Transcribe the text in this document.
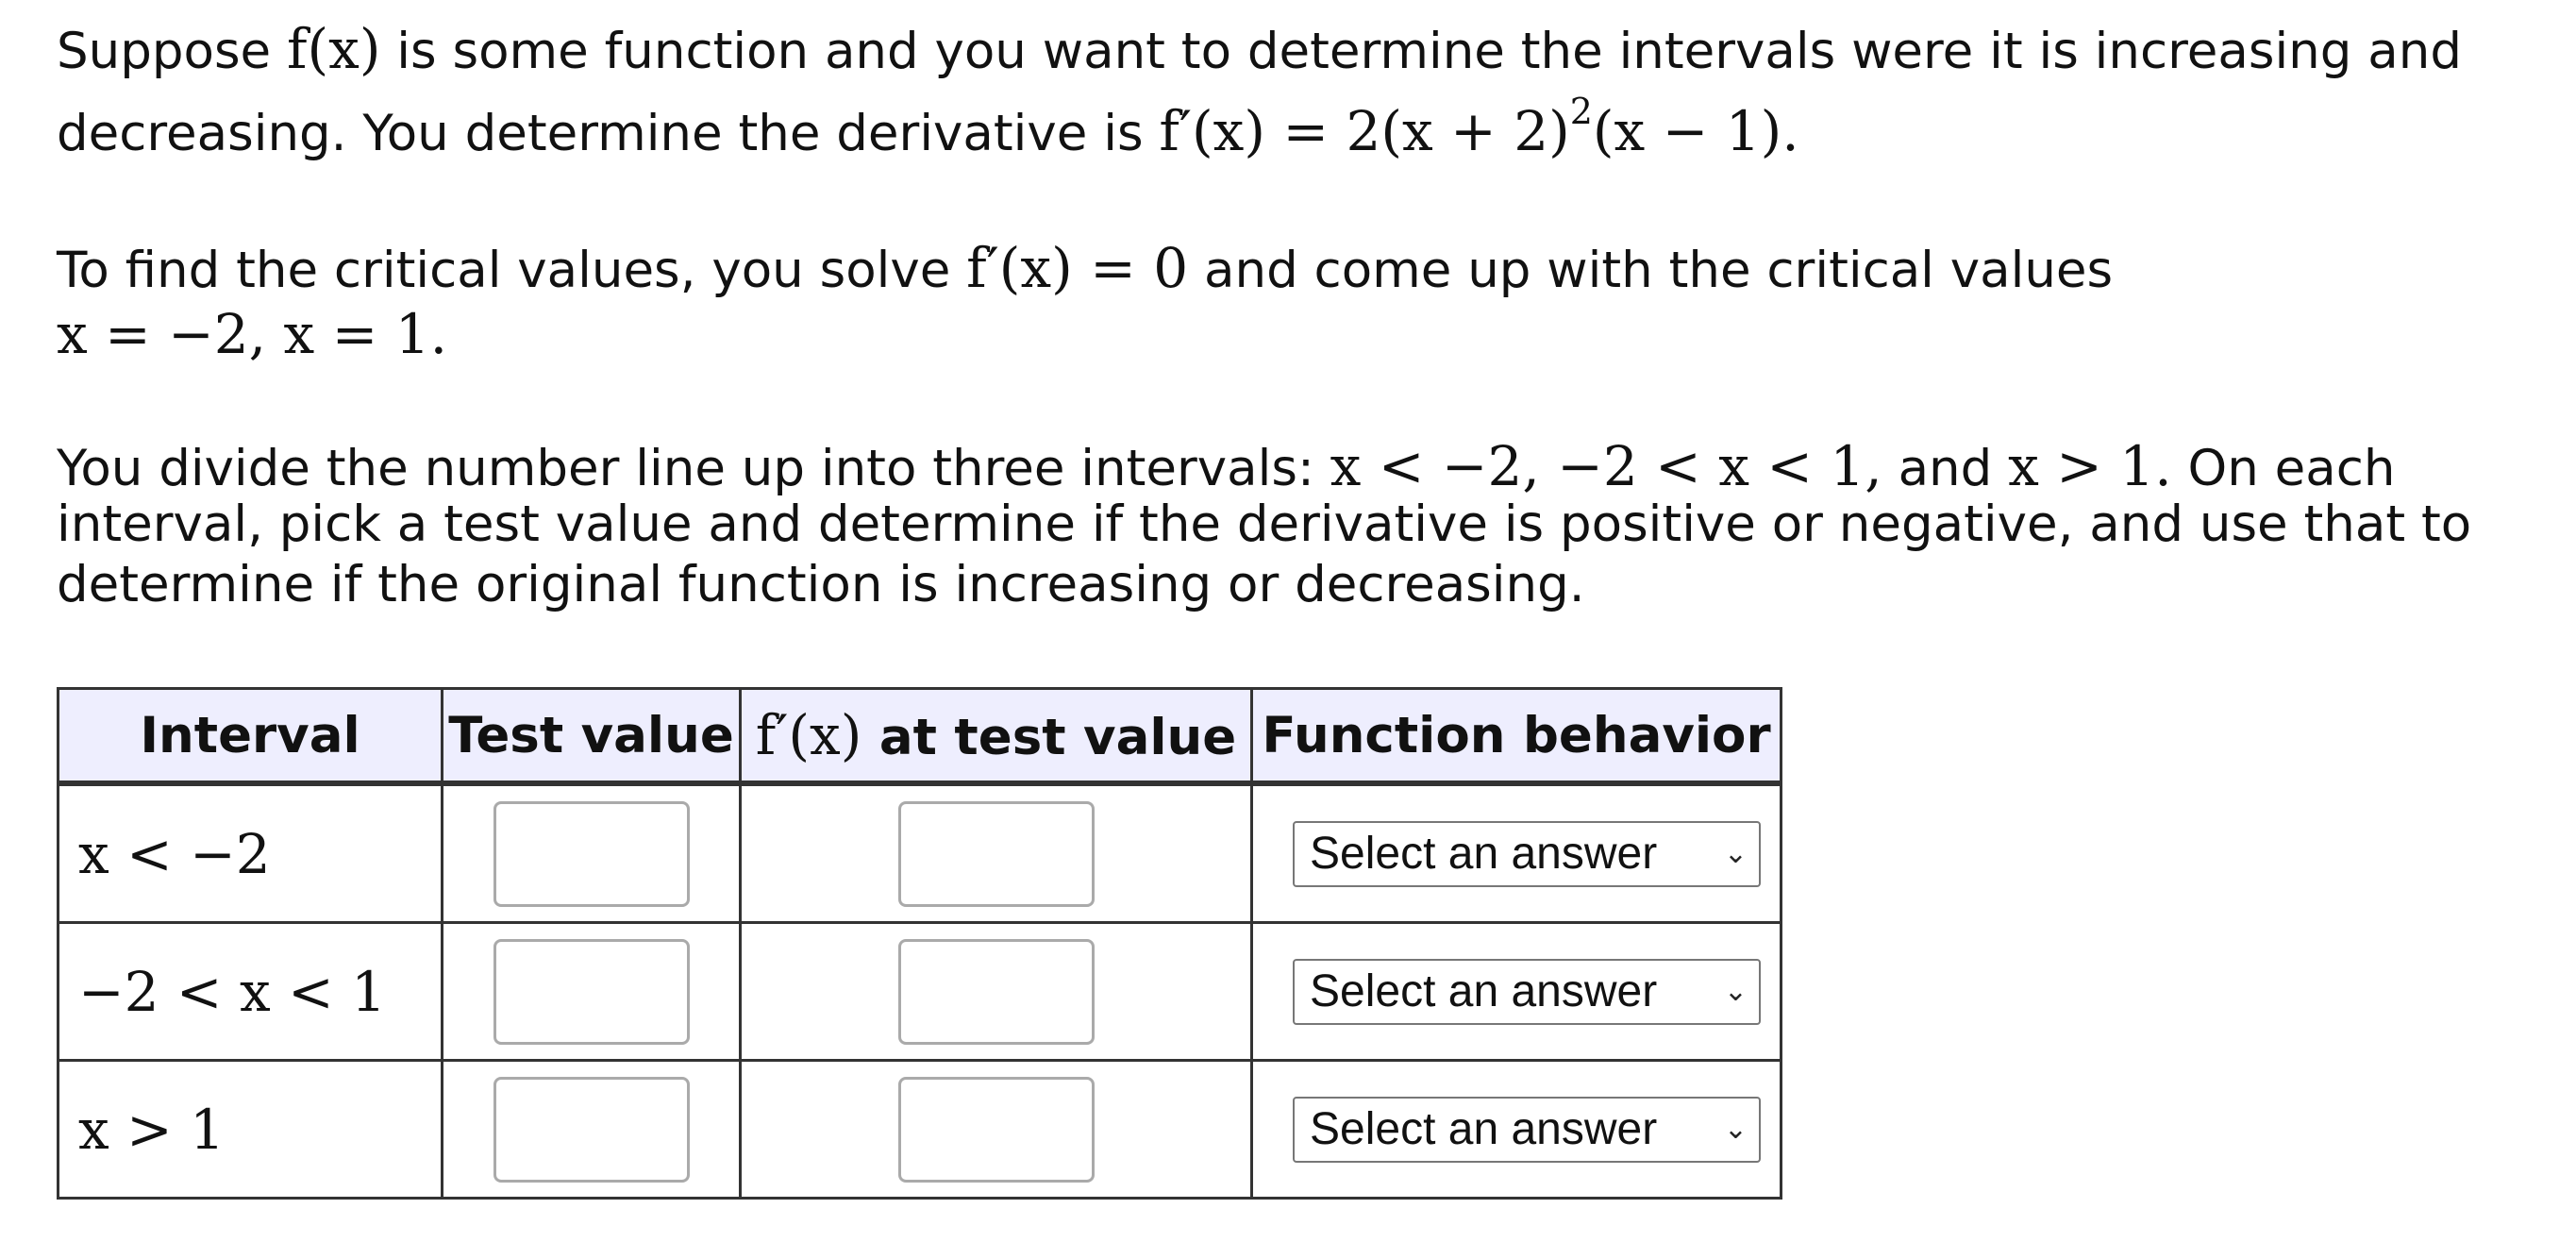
Suppose f(x) is some function and you want to determine the intervals were it is increasing and
decreasing. You determine the derivative is $f'(x) = 2(x + 2)^2(x - 1)$.
To find the critical values, you solve f′(x) = 0 and come up with the critical values
x = −2, x = 1.
You divide the number line up into three intervals: x < −2, −2 < x < 1, and x > 1. On each
interval, pick a test value and determine if the derivative is positive or negative, and use that to
determine if the original function is increasing or decreasing.
Interval	Test value	f′(x) at test value	Function behavior
x < −2			Select an answer ⌄

−2 < x < 1			Select an answer ⌄

x > 1			Select an answer ⌄
